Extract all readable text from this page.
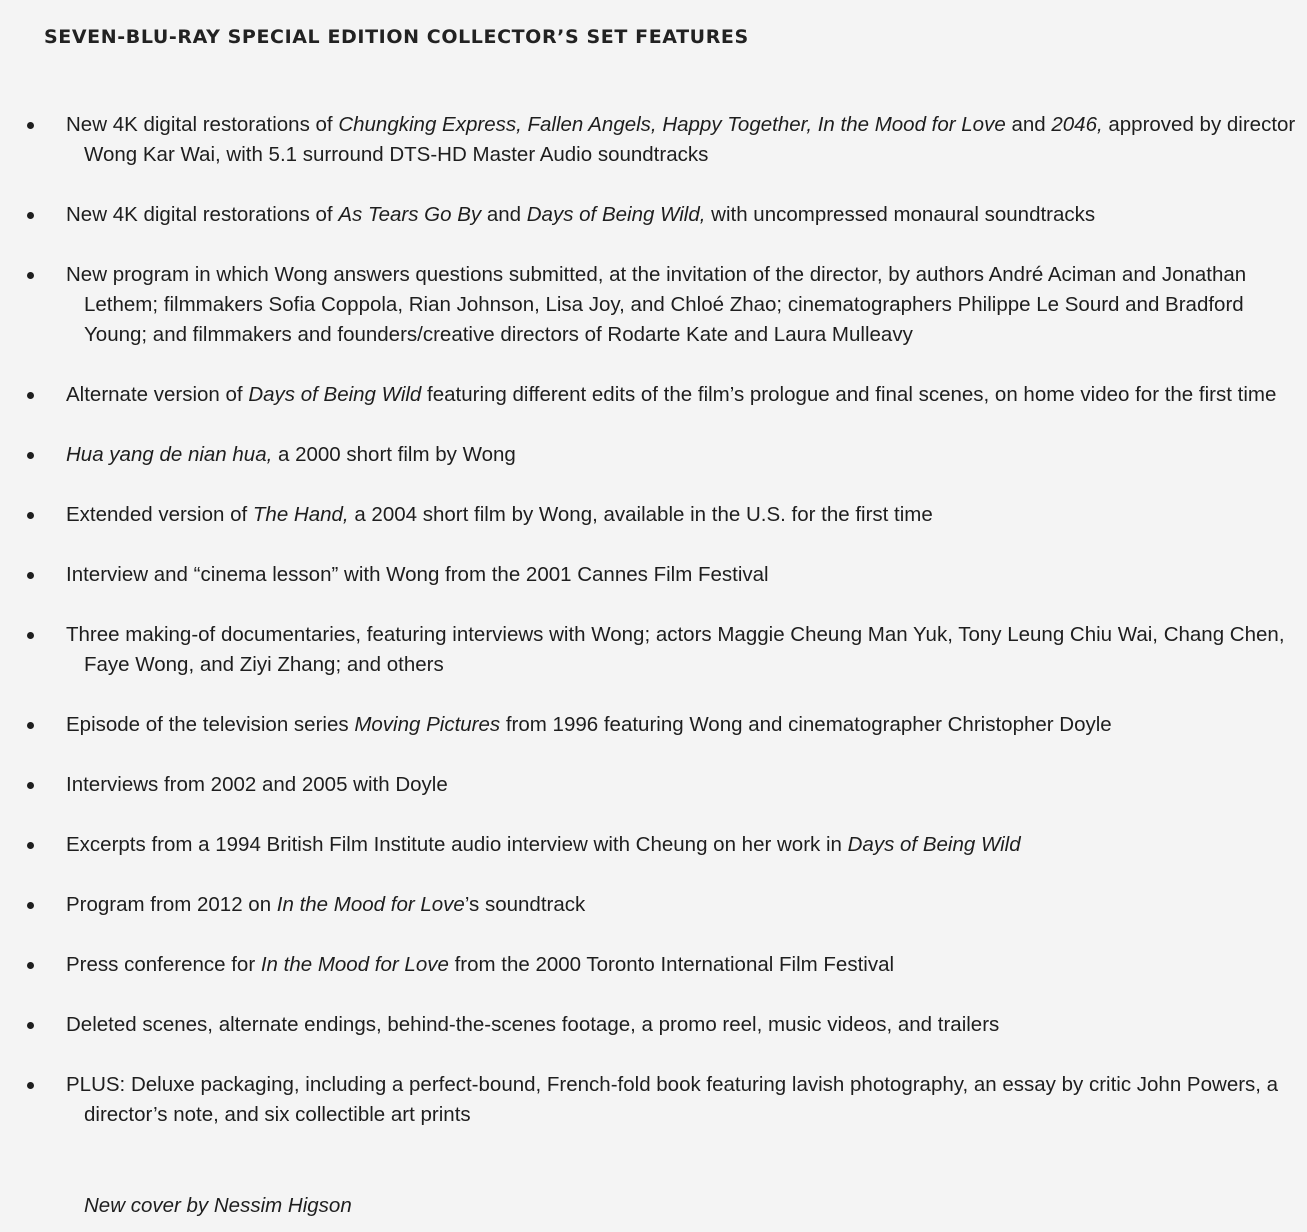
SEVEN-BLU-RAY SPECIAL EDITION COLLECTOR’S SET FEATURES
New 4K digital restorations of Chungking Express, Fallen Angels, Happy Together, In the Mood for Love and 2046, approved by director Wong Kar Wai, with 5.1 surround DTS-HD Master Audio soundtracks
New 4K digital restorations of As Tears Go By and Days of Being Wild, with uncompressed monaural soundtracks
New program in which Wong answers questions submitted, at the invitation of the director, by authors André Aciman and Jonathan Lethem; filmmakers Sofia Coppola, Rian Johnson, Lisa Joy, and Chloé Zhao; cinematographers Philippe Le Sourd and Bradford Young; and filmmakers and founders/creative directors of Rodarte Kate and Laura Mulleavy
Alternate version of Days of Being Wild featuring different edits of the film’s prologue and final scenes, on home video for the first time
Hua yang de nian hua, a 2000 short film by Wong
Extended version of The Hand, a 2004 short film by Wong, available in the U.S. for the first time
Interview and “cinema lesson” with Wong from the 2001 Cannes Film Festival
Three making-of documentaries, featuring interviews with Wong; actors Maggie Cheung Man Yuk, Tony Leung Chiu Wai, Chang Chen, Faye Wong, and Ziyi Zhang; and others
Episode of the television series Moving Pictures from 1996 featuring Wong and cinematographer Christopher Doyle
Interviews from 2002 and 2005 with Doyle
Excerpts from a 1994 British Film Institute audio interview with Cheung on her work in Days of Being Wild
Program from 2012 on In the Mood for Love’s soundtrack
Press conference for In the Mood for Love from the 2000 Toronto International Film Festival
Deleted scenes, alternate endings, behind-the-scenes footage, a promo reel, music videos, and trailers
PLUS: Deluxe packaging, including a perfect-bound, French-fold book featuring lavish photography, an essay by critic John Powers, a director’s note, and six collectible art prints

New cover by Nessim Higson
